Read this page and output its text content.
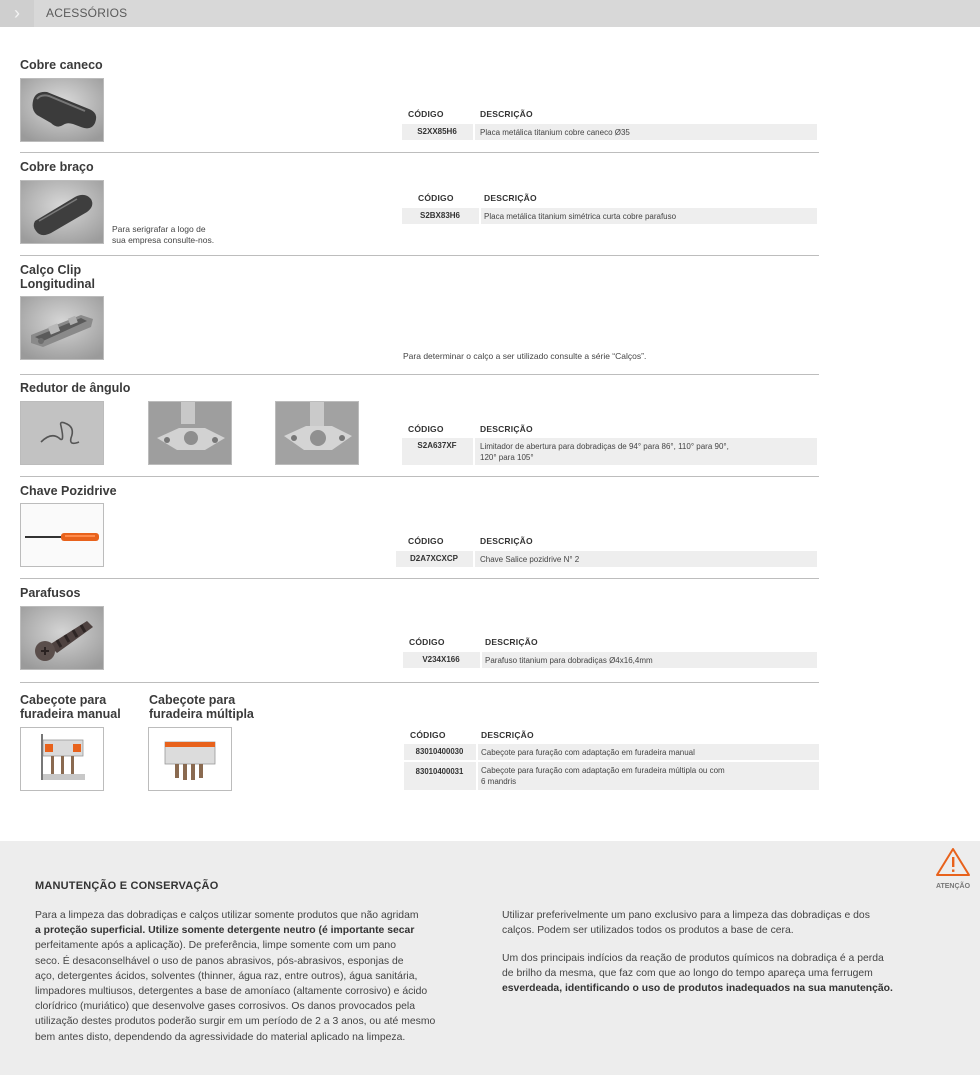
›	ACESSÓRIOS
Cobre caneco
CÓDIGO	DESCRIÇÃO
S2XX85H6	Placa metálica titanium cobre caneco Ø35
Cobre braço
Para serigrafar a logo de
sua empresa consulte-nos.
CÓDIGO	DESCRIÇÃO
S2BX83H6	Placa metálica titanium simétrica curta cobre parafuso
Calço Clip
Longitudinal
Para determinar o calço a ser utilizado consulte a série “Calços”.
Redutor de ângulo
CÓDIGO	DESCRIÇÃO
S2A637XF	Limitador de abertura para dobradiças de 94° para 86°, 110° para 90°,
120° para 105°
Chave Pozidrive
CÓDIGO	DESCRIÇÃO
D2A7XCXCP	Chave Salice pozidrive N° 2
Parafusos
CÓDIGO	DESCRIÇÃO
V234X166	Parafuso titanium para dobradiças Ø4x16,4mm
Cabeçote para
furadeira manual
Cabeçote para
furadeira múltipla
CÓDIGO	DESCRIÇÃO
83010400030	Cabeçote para furação com adaptação em furadeira manual
83010400031	Cabeçote para furação com adaptação em furadeira múltipla ou com
6 mandris
ATENÇÃO
MANUTENÇÃO E CONSERVAÇÃO
Para a limpeza das dobradiças e calços utilizar somente produtos que não agridam
a proteção superficial. Utilize somente detergente neutro (é importante secar
perfeitamente após a aplicação). De preferência, limpe somente com um pano
seco. É desaconselhável o uso de panos abrasivos, pós-abrasivos, esponjas de
aço, detergentes ácidos, solventes (thinner, água raz, entre outros), água sanitária,
limpadores multiusos, detergentes a base de amoníaco (altamente corrosivo) e ácido
clorídrico (muriático) que desenvolve gases corrosivos. Os danos provocados pela
utilização destes produtos poderão surgir em um período de 2 a 3 anos, ou até mesmo
bem antes disto, dependendo da agressividade do material aplicado na limpeza.
Utilizar preferivelmente um pano exclusivo para a limpeza das dobradiças e dos
calços. Podem ser utilizados todos os produtos a base de cera.
Um dos principais indícios da reação de produtos químicos na dobradiça é a perda
de brilho da mesma, que faz com que ao longo do tempo apareça uma ferrugem
esverdeada, identificando o uso de produtos inadequados na sua manutenção.
